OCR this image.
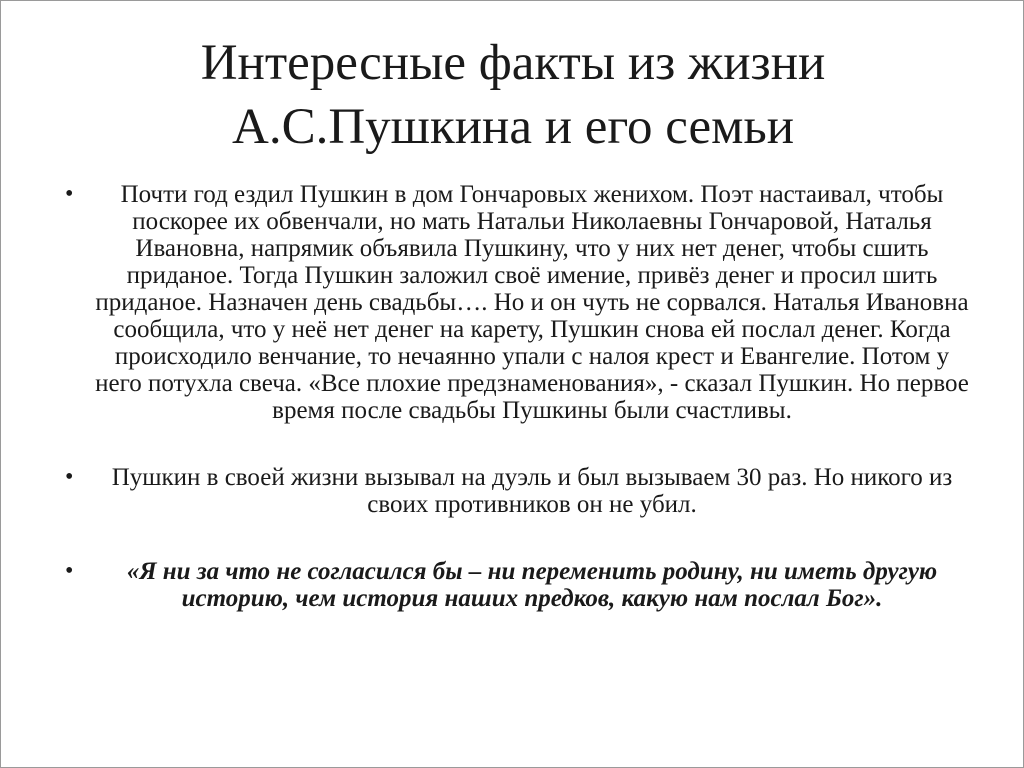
Интересные факты из жизни
А.С.Пушкина и его семьи
• Почти год ездил Пушкин в дом Гончаровых женихом. Поэт настаивал, чтобы поскорее их обвенчали, но мать Натальи Николаевны Гончаровой, Наталья Ивановна, напрямик объявила Пушкину, что у них нет денег, чтобы сшить приданое. Тогда Пушкин заложил своё имение, привёз денег и просил шить приданое. Назначен день свадьбы…. Но и он чуть не сорвался. Наталья Ивановна сообщила, что у неё нет денег на карету, Пушкин снова ей послал денег. Когда происходило венчание, то нечаянно упали с налоя крест и Евангелие. Потом у него потухла свеча. «Все плохие предзнаменования», - сказал Пушкин. Но первое время после свадьбы Пушкины были счастливы.
• Пушкин в своей жизни вызывал на дуэль и был вызываем 30 раз. Но никого из своих противников он не убил.
• «Я ни за что не согласился бы – ни переменить родину, ни иметь другую историю, чем история наших предков, какую нам послал Бог».
